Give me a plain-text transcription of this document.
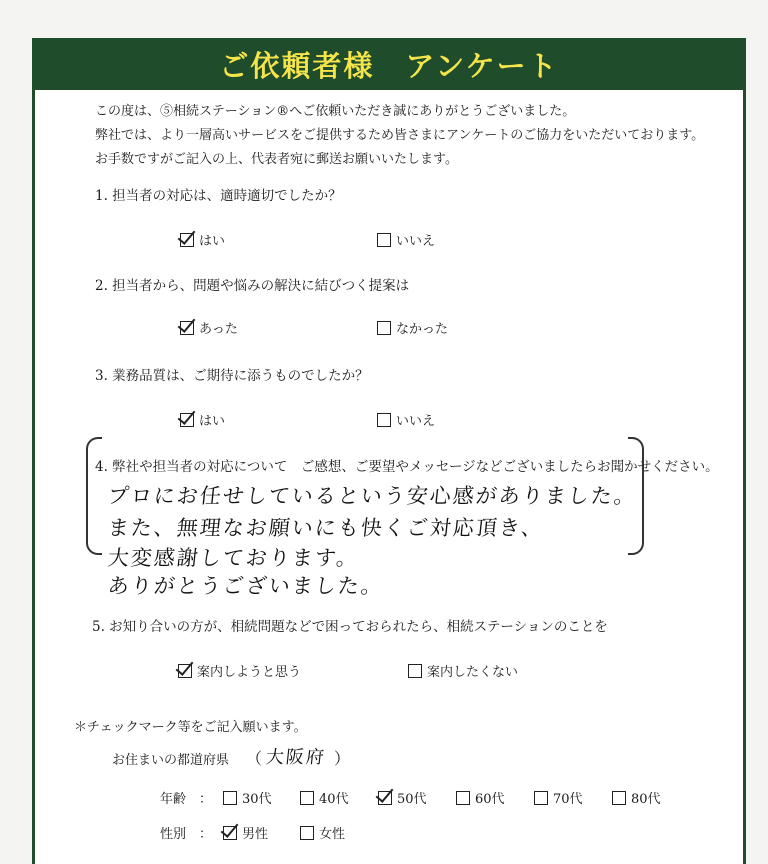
ご依頼者様　アンケート
この度は、⑤相続ステーション®へご依頼いただき誠にありがとうございました。
弊社では、より一層高いサービスをご提供するため皆さまにアンケートのご協力をいただいております。
お手数ですがご記入の上、代表者宛に郵送お願いいたします。
1. 担当者の対応は、適時適切でしたか？
はい	いいえ
2. 担当者から、問題や悩みの解決に結びつく提案は
あった	なかった
3. 業務品質は、ご期待に添うものでしたか？
はい	いいえ
4. 弊社や担当者の対応について　ご感想、ご要望やメッセージなどございましたらお聞かせください。
プロにお任せしているという安心感がありました。
また、無理なお願いにも快くご対応頂き、
大変感謝しております。
ありがとうございました。
5. お知り合いの方が、相続問題などで困っておられたら、相続ステーションのことを
案内しようと思う	案内したくない
＊チェックマーク等をご記入願います。
お住まいの都道府県 （ 大阪府 ）
年齢　： 30代	40代	50代	60代	70代	80代
性別　： 男性	女性
